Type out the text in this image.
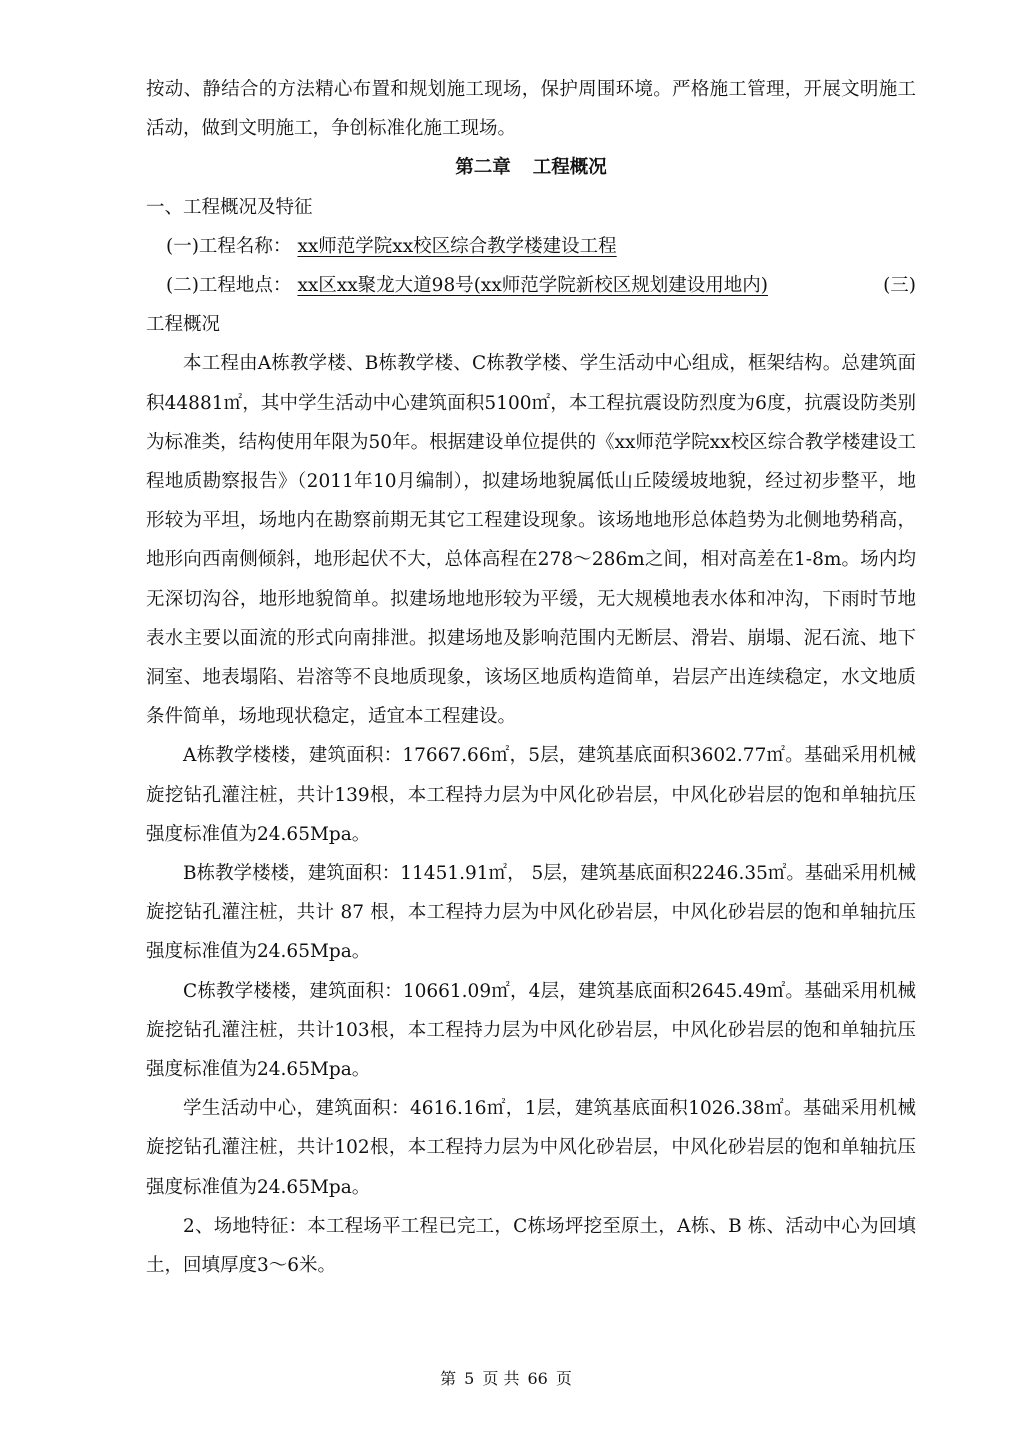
按动、静结合的方法精心布置和规划施工现场，保护周围环境。严格施工管理，开展文明施工活动，做到文明施工，争创标准化施工现场。

第二章 工程概况

一、工程概况及特征

(一)工程名称： xx师范学院xx校区综合教学楼建设工程

(二)工程地点： xx区xx聚龙大道98号(xx师范学院新校区规划建设用地内)	(三)

工程概况

本工程由A栋教学楼、B栋教学楼、C栋教学楼、学生活动中心组成，框架结构。总建筑面积44881㎡，其中学生活动中心建筑面积5100㎡，本工程抗震设防烈度为6度，抗震设防类别为标准类，结构使用年限为50年。根据建设单位提供的《xx师范学院xx校区综合教学楼建设工程地质勘察报告》（2011年10月编制），拟建场地貌属低山丘陵缓坡地貌，经过初步整平，地形较为平坦，场地内在勘察前期无其它工程建设现象。该场地地形总体趋势为北侧地势稍高，地形向西南侧倾斜，地形起伏不大，总体高程在278～286m之间，相对高差在1-8m。场内均无深切沟谷，地形地貌简单。拟建场地地形较为平缓，无大规模地表水体和冲沟，下雨时节地表水主要以面流的形式向南排泄。拟建场地及影响范围内无断层、滑岩、崩塌、泥石流、地下洞室、地表塌陷、岩溶等不良地质现象，该场区地质构造简单，岩层产出连续稳定，水文地质条件简单，场地现状稳定，适宜本工程建设。

A栋教学楼楼，建筑面积：17667.66㎡，5层，建筑基底面积3602.77㎡。基础采用机械旋挖钻孔灌注桩，共计139根，本工程持力层为中风化砂岩层，中风化砂岩层的饱和单轴抗压强度标准值为24.65Mpa。

B栋教学楼楼，建筑面积：11451.91㎡， 5层，建筑基底面积2246.35㎡。基础采用机械旋挖钻孔灌注桩，共计 87 根，本工程持力层为中风化砂岩层，中风化砂岩层的饱和单轴抗压强度标准值为24.65Mpa。

C栋教学楼楼，建筑面积：10661.09㎡，4层，建筑基底面积2645.49㎡。基础采用机械旋挖钻孔灌注桩，共计103根，本工程持力层为中风化砂岩层，中风化砂岩层的饱和单轴抗压强度标准值为24.65Mpa。

学生活动中心，建筑面积：4616.16㎡，1层，建筑基底面积1026.38㎡。基础采用机械旋挖钻孔灌注桩，共计102根，本工程持力层为中风化砂岩层，中风化砂岩层的饱和单轴抗压强度标准值为24.65Mpa。

2、场地特征：本工程场平工程已完工，C栋场坪挖至原土，A栋、B 栋、活动中心为回填土，回填厚度3～6米。

第 5 页 共 66 页
